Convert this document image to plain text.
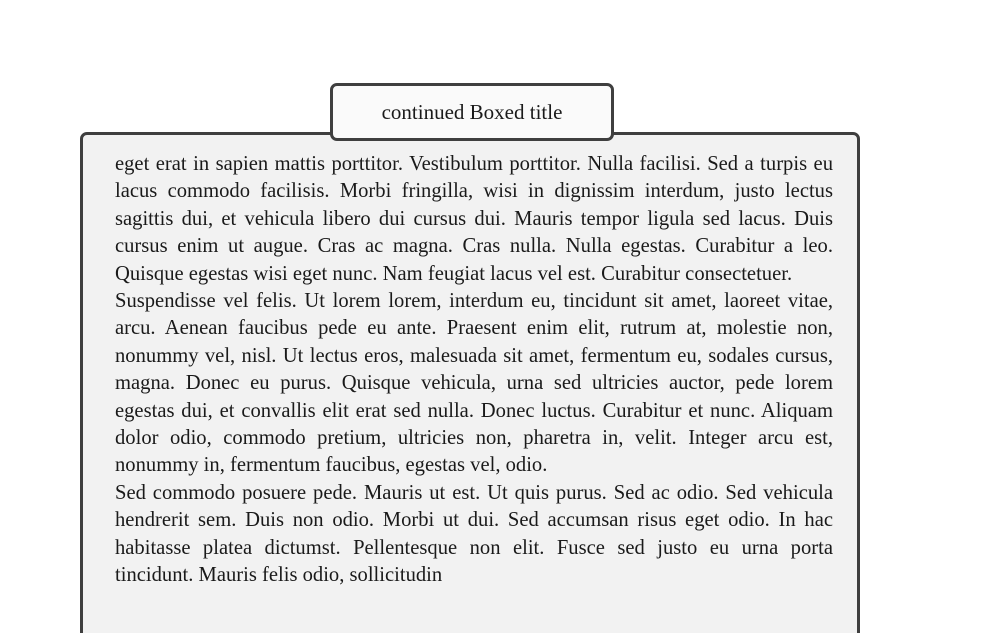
continued Boxed title

eget erat in sapien mattis porttitor. Vestibulum porttitor. Nulla facilisi. Sed a turpis eu lacus commodo facilisis. Morbi fringilla, wisi in dignissim interdum, justo lectus sagittis dui, et vehicula libero dui cursus dui. Mauris tempor ligula sed lacus. Duis cursus enim ut augue. Cras ac magna. Cras nulla. Nulla egestas. Curabitur a leo. Quisque egestas wisi eget nunc. Nam feugiat lacus vel est. Curabitur consectetuer.

Suspendisse vel felis. Ut lorem lorem, interdum eu, tincidunt sit amet, laoreet vitae, arcu. Aenean faucibus pede eu ante. Praesent enim elit, rutrum at, molestie non, nonummy vel, nisl. Ut lectus eros, malesuada sit amet, fermentum eu, sodales cursus, magna. Donec eu purus. Quisque vehicula, urna sed ultricies auctor, pede lorem egestas dui, et convallis elit erat sed nulla. Donec luctus. Curabitur et nunc. Aliquam dolor odio, commodo pretium, ultricies non, pharetra in, velit. Integer arcu est, nonummy in, fermentum faucibus, egestas vel, odio.

Sed commodo posuere pede. Mauris ut est. Ut quis purus. Sed ac odio. Sed vehicula hendrerit sem. Duis non odio. Morbi ut dui. Sed accumsan risus eget odio. In hac habitasse platea dictumst. Pellentesque non elit. Fusce sed justo eu urna porta tincidunt. Mauris felis odio, sollicitudin
